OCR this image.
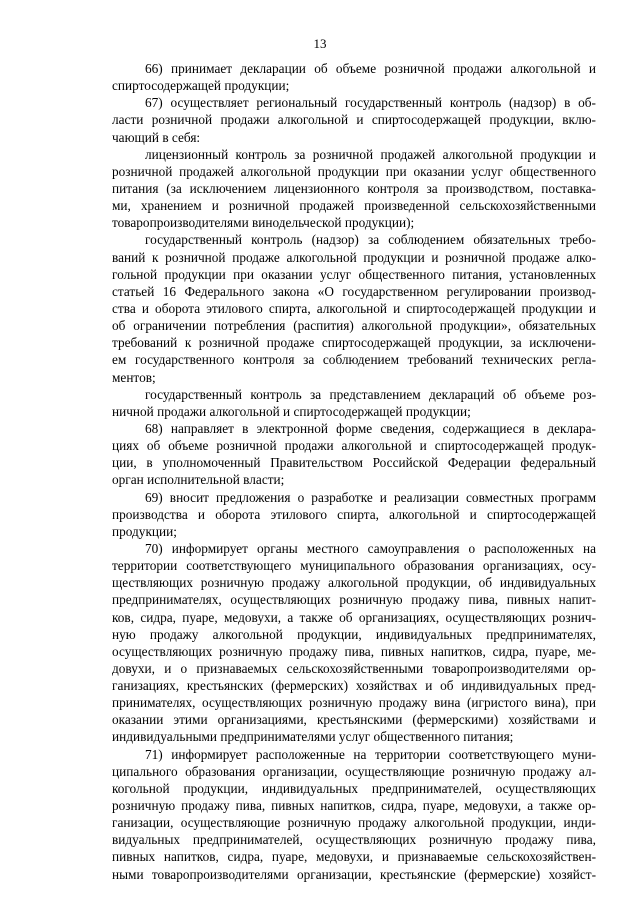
13
66) принимает декларации об объеме розничной продажи алкогольной и
спиртосодержащей продукции;
67) осуществляет региональный государственный контроль (надзор) в об-
ласти розничной продажи алкогольной и спиртосодержащей продукции, вклю-
чающий в себя:
лицензионный контроль за розничной продажей алкогольной продукции и
розничной продажей алкогольной продукции при оказании услуг общественного
питания (за исключением лицензионного контроля за производством, поставка-
ми, хранением и розничной продажей произведенной сельскохозяйственными
товаропроизводителями винодельческой продукции);
государственный контроль (надзор) за соблюдением обязательных требо-
ваний к розничной продаже алкогольной продукции и розничной продаже алко-
гольной продукции при оказании услуг общественного питания, установленных
статьей 16 Федерального закона «О государственном регулировании производ-
ства и оборота этилового спирта, алкогольной и спиртосодержащей продукции и
об ограничении потребления (распития) алкогольной продукции», обязательных
требований к розничной продаже спиртосодержащей продукции, за исключени-
ем государственного контроля за соблюдением требований технических регла-
ментов;
государственный контроль за представлением деклараций об объеме роз-
ничной продажи алкогольной и спиртосодержащей продукции;
68) направляет в электронной форме сведения, содержащиеся в деклара-
циях об объеме розничной продажи алкогольной и спиртосодержащей продук-
ции, в уполномоченный Правительством Российской Федерации федеральный
орган исполнительной власти;
69) вносит предложения о разработке и реализации совместных программ
производства и оборота этилового спирта, алкогольной и спиртосодержащей
продукции;
70) информирует органы местного самоуправления о расположенных на
территории соответствующего муниципального образования организациях, осу-
ществляющих розничную продажу алкогольной продукции, об индивидуальных
предпринимателях, осуществляющих розничную продажу пива, пивных напит-
ков, сидра, пуаре, медовухи, а также об организациях, осуществляющих рознич-
ную продажу алкогольной продукции, индивидуальных предпринимателях,
осуществляющих розничную продажу пива, пивных напитков, сидра, пуаре, ме-
довухи, и о признаваемых сельскохозяйственными товаропроизводителями ор-
ганизациях, крестьянских (фермерских) хозяйствах и об индивидуальных пред-
принимателях, осуществляющих розничную продажу вина (игристого вина), при
оказании этими организациями, крестьянскими (фермерскими) хозяйствами и
индивидуальными предпринимателями услуг общественного питания;
71) информирует расположенные на территории соответствующего муни-
ципального образования организации, осуществляющие розничную продажу ал-
когольной продукции, индивидуальных предпринимателей, осуществляющих
розничную продажу пива, пивных напитков, сидра, пуаре, медовухи, а также ор-
ганизации, осуществляющие розничную продажу алкогольной продукции, инди-
видуальных предпринимателей, осуществляющих розничную продажу пива,
пивных напитков, сидра, пуаре, медовухи, и признаваемые сельскохозяйствен-
ными товаропроизводителями организации, крестьянские (фермерские) хозяйст-
